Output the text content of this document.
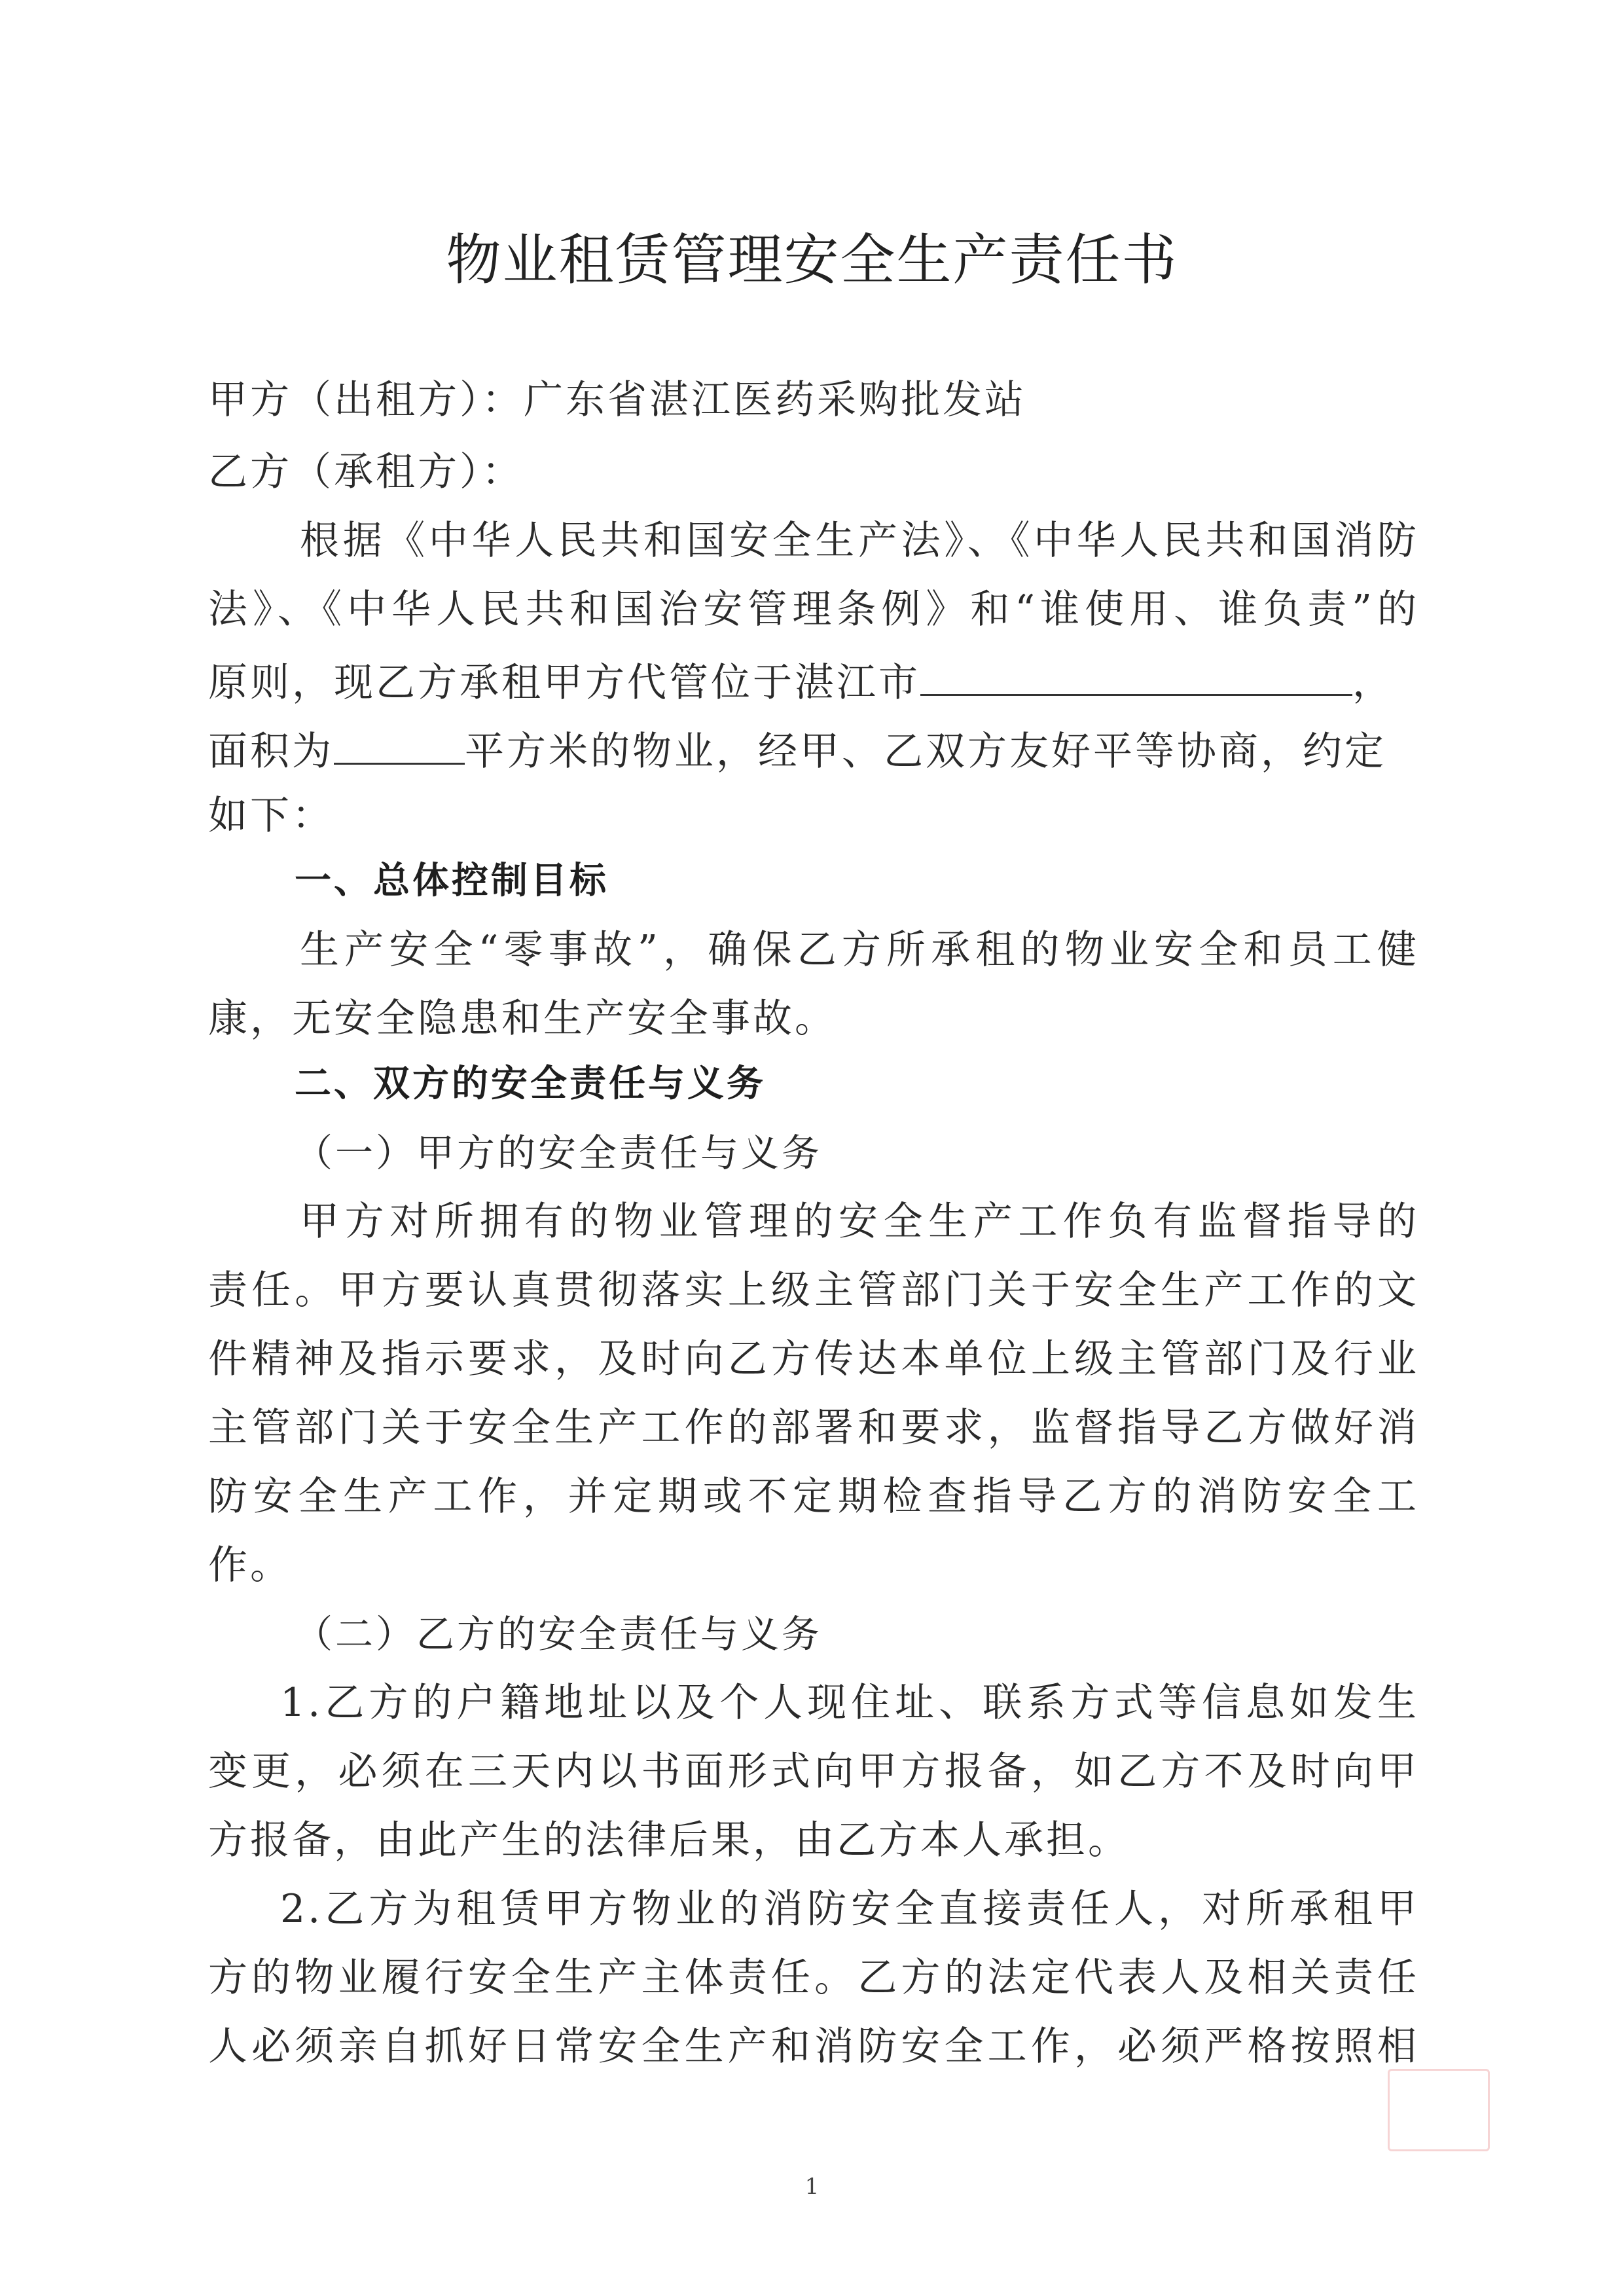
物业租赁管理安全生产责任书
甲方（出租方）：广东省湛江医药采购批发站
乙方（承租方）：
根据《中华人民共和国安全生产法》、《中华人民共和国消防
法》、《中华人民共和国治安管理条例》和“谁使用、谁负责”的
原则，现乙方承租甲方代管位于湛江市	，
面积为	平方米的物业，经甲、乙双方友好平等协商，约定
如下：
一、总体控制目标
生产安全“零事故”，确保乙方所承租的物业安全和员工健
康，无安全隐患和生产安全事故。
二、双方的安全责任与义务
（一）甲方的安全责任与义务
甲方对所拥有的物业管理的安全生产工作负有监督指导的
责任。甲方要认真贯彻落实上级主管部门关于安全生产工作的文
件精神及指示要求，及时向乙方传达本单位上级主管部门及行业
主管部门关于安全生产工作的部署和要求，监督指导乙方做好消
防安全生产工作，并定期或不定期检查指导乙方的消防安全工
作。
（二）乙方的安全责任与义务
1.乙方的户籍地址以及个人现住址、联系方式等信息如发生
变更，必须在三天内以书面形式向甲方报备，如乙方不及时向甲
方报备，由此产生的法律后果，由乙方本人承担。
2.乙方为租赁甲方物业的消防安全直接责任人，对所承租甲
方的物业履行安全生产主体责任。乙方的法定代表人及相关责任
人必须亲自抓好日常安全生产和消防安全工作，必须严格按照相
1
